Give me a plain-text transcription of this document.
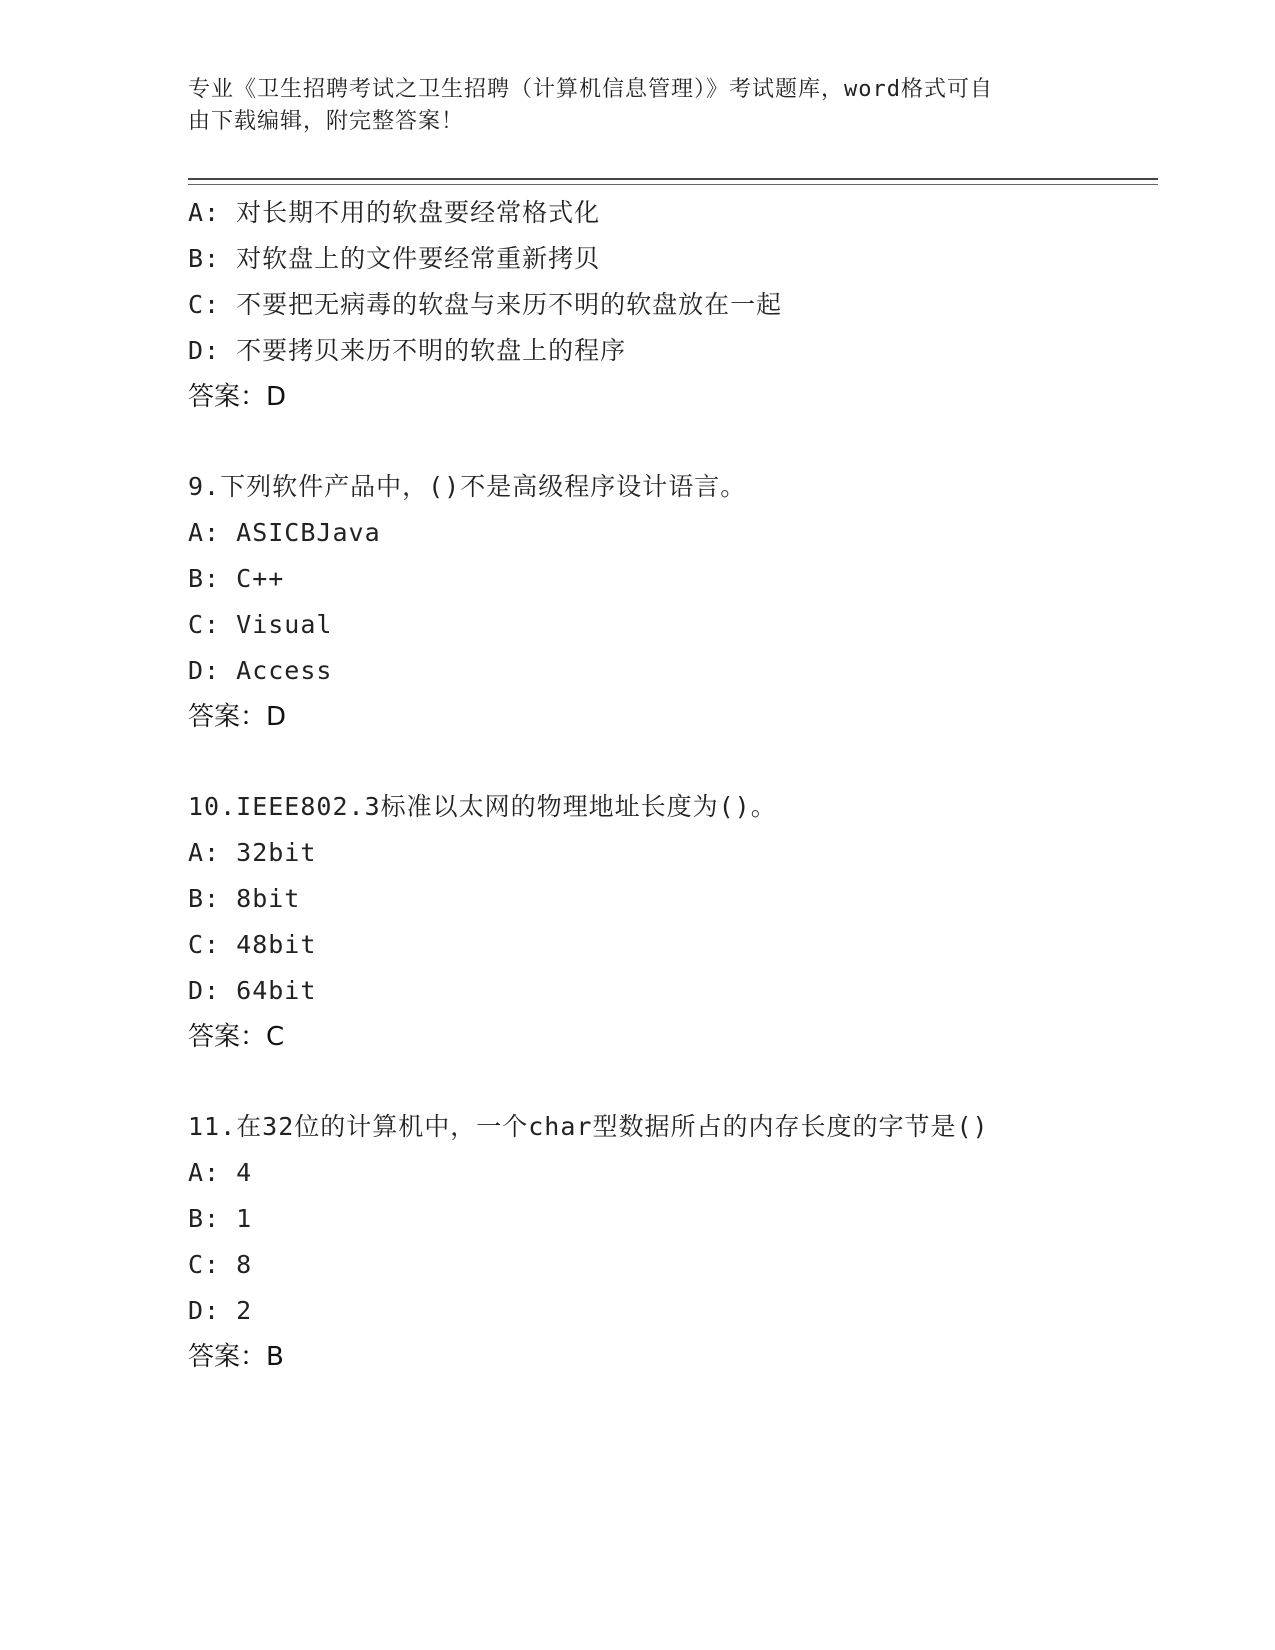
专业《卫生招聘考试之卫生招聘（计算机信息管理）》考试题库，word格式可自
由下载编辑，附完整答案！
A: 对长期不用的软盘要经常格式化
B: 对软盘上的文件要经常重新拷贝
C: 不要把无病毒的软盘与来历不明的软盘放在一起
D: 不要拷贝来历不明的软盘上的程序
答案：D
9.下列软件产品中，()不是高级程序设计语言。
A: ASICBJava
B: C++
C: Visual
D: Access
答案：D
10.IEEE802.3标准以太网的物理地址长度为()。
A: 32bit
B: 8bit
C: 48bit
D: 64bit
答案：C
11.在32位的计算机中，一个char型数据所占的内存长度的字节是()
A: 4
B: 1
C: 8
D: 2
答案：B
